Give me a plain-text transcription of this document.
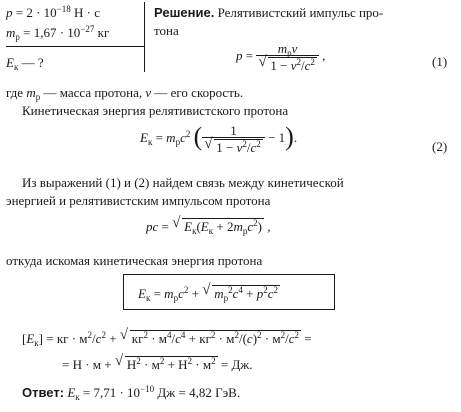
$p = 2 \cdot 10^{-18}$ Н · с
$m_p = 1,67 \cdot 10^{-27}$ кг
$E_к$ — ?
Решение. Релятивистский импульс про-
тона
$p = m_pv$
√ $1 - v^2/c^2$ ,	(1)
где $m_p$ — масса протона, v — его скорость.
Кинетическая энергия релятивистского протона
$E_к = m_pc^2$ ( 1
√ $1 - v^2/c^2 - 1$).
(2)
Из выражений (1) и (2) найдем связь между кинетической
энергией и релятивистским импульсом протона
pc = √ $E_к(E_к + 2m_pc^2)$ ,
откуда искомая кинетическая энергия протона
$E_к = m_pc^2$ + √ $m_p^2c^4 + p^2c^2$
$[E_к]$ = кг · $м^2/c^2$ + √ $кг^2 \cdot м^4/c^4 + кг^2 \cdot м^2/(c)^2 \cdot м^2/c^2$ =
= Н · м + √ $Н^2 \cdot м^2 + Н^2 \cdot м^2$ = Дж.
Ответ: $E_к = 7,71 \cdot 10^{-10}$ Дж = 4,82 ГэВ.
